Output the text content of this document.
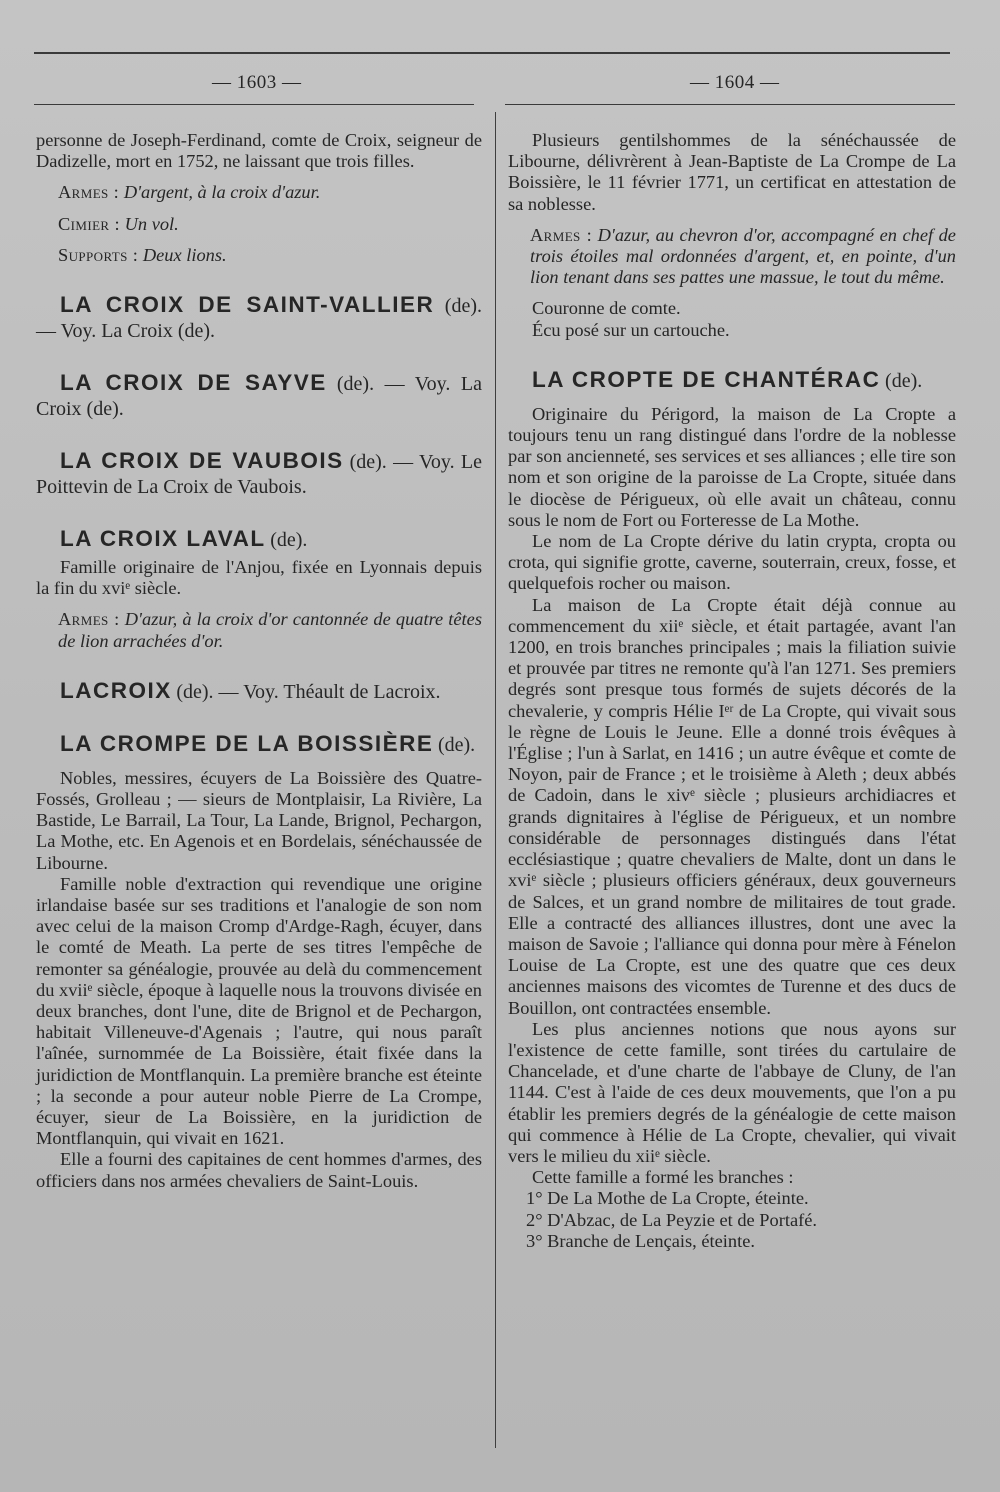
— 1603 —	— 1604 —

personne de Joseph-Ferdinand, comte de Croix, seigneur de Dadizelle, mort en 1752, ne laissant que trois filles.

Armes : D'argent, à la croix d'azur.

Cimier : Un vol.

Supports : Deux lions.

LA CROIX DE SAINT-VALLIER (de). — Voy. La Croix (de).

LA CROIX DE SAYVE (de). — Voy. La Croix (de).

LA CROIX DE VAUBOIS (de). — Voy. Le Poittevin de La Croix de Vaubois.

LA CROIX LAVAL (de).

Famille originaire de l'Anjou, fixée en Lyonnais depuis la fin du xviᵉ siècle.

Armes : D'azur, à la croix d'or cantonnée de quatre têtes de lion arrachées d'or.

LACROIX (de). — Voy. Théault de Lacroix.

LA CROMPE DE LA BOISSIÈRE (de).

Nobles, messires, écuyers de La Boissière des Quatre-Fossés, Grolleau ; — sieurs de Montplaisir, La Rivière, La Bastide, Le Barrail, La Tour, La Lande, Brignol, Pechargon, La Mothe, etc. En Agenois et en Bordelais, sénéchaussée de Libourne.

Famille noble d'extraction qui revendique une origine irlandaise basée sur ses traditions et l'analogie de son nom avec celui de la maison Cromp d'Ardge-Ragh, écuyer, dans le comté de Meath. La perte de ses titres l'empêche de remonter sa généalogie, prouvée au delà du commencement du xviiᵉ siècle, époque à laquelle nous la trouvons divisée en deux branches, dont l'une, dite de Brignol et de Pechargon, habitait Villeneuve-d'Agenais ; l'autre, qui nous paraît l'aînée, surnommée de La Boissière, était fixée dans la juridiction de Montflanquin. La première branche est éteinte ; la seconde a pour auteur noble Pierre de La Crompe, écuyer, sieur de La Boissière, en la juridiction de Montflanquin, qui vivait en 1621.

Elle a fourni des capitaines de cent hommes d'armes, des officiers dans nos armées chevaliers de Saint-Louis.

Plusieurs gentilshommes de la sénéchaussée de Libourne, délivrèrent à Jean-Baptiste de La Crompe de La Boissière, le 11 février 1771, un certificat en attestation de sa noblesse.

Armes : D'azur, au chevron d'or, accompagné en chef de trois étoiles mal ordonnées d'argent, et, en pointe, d'un lion tenant dans ses pattes une massue, le tout du même.

Couronne de comte.

Écu posé sur un cartouche.

LA CROPTE DE CHANTÉRAC (de).

Originaire du Périgord, la maison de La Cropte a toujours tenu un rang distingué dans l'ordre de la noblesse par son ancienneté, ses services et ses alliances ; elle tire son nom et son origine de la paroisse de La Cropte, située dans le diocèse de Périgueux, où elle avait un château, connu sous le nom de Fort ou Forteresse de La Mothe.

Le nom de La Cropte dérive du latin crypta, cropta ou crota, qui signifie grotte, caverne, souterrain, creux, fosse, et quelquefois rocher ou maison.

La maison de La Cropte était déjà connue au commencement du xiiᵉ siècle, et était partagée, avant l'an 1200, en trois branches principales ; mais la filiation suivie et prouvée par titres ne remonte qu'à l'an 1271. Ses premiers degrés sont presque tous formés de sujets décorés de la chevalerie, y compris Hélie Iᵉʳ de La Cropte, qui vivait sous le règne de Louis le Jeune. Elle a donné trois évêques à l'Église ; l'un à Sarlat, en 1416 ; un autre évêque et comte de Noyon, pair de France ; et le troisième à Aleth ; deux abbés de Cadoin, dans le xivᵉ siècle ; plusieurs archidiacres et grands dignitaires à l'église de Périgueux, et un nombre considérable de personnages distingués dans l'état ecclésiastique ; quatre chevaliers de Malte, dont un dans le xviᵉ siècle ; plusieurs officiers généraux, deux gouverneurs de Salces, et un grand nombre de militaires de tout grade. Elle a contracté des alliances illustres, dont une avec la maison de Savoie ; l'alliance qui donna pour mère à Fénelon Louise de La Cropte, est une des quatre que ces deux anciennes maisons des vicomtes de Turenne et des ducs de Bouillon, ont contractées ensemble.

Les plus anciennes notions que nous ayons sur l'existence de cette famille, sont tirées du cartulaire de Chancelade, et d'une charte de l'abbaye de Cluny, de l'an 1144. C'est à l'aide de ces deux mouvements, que l'on a pu établir les premiers degrés de la généalogie de cette maison qui commence à Hélie de La Cropte, chevalier, qui vivait vers le milieu du xiiᵉ siècle.

Cette famille a formé les branches :

1° De La Mothe de La Cropte, éteinte.

2° D'Abzac, de La Peyzie et de Portafé.

3° Branche de Lençais, éteinte.
